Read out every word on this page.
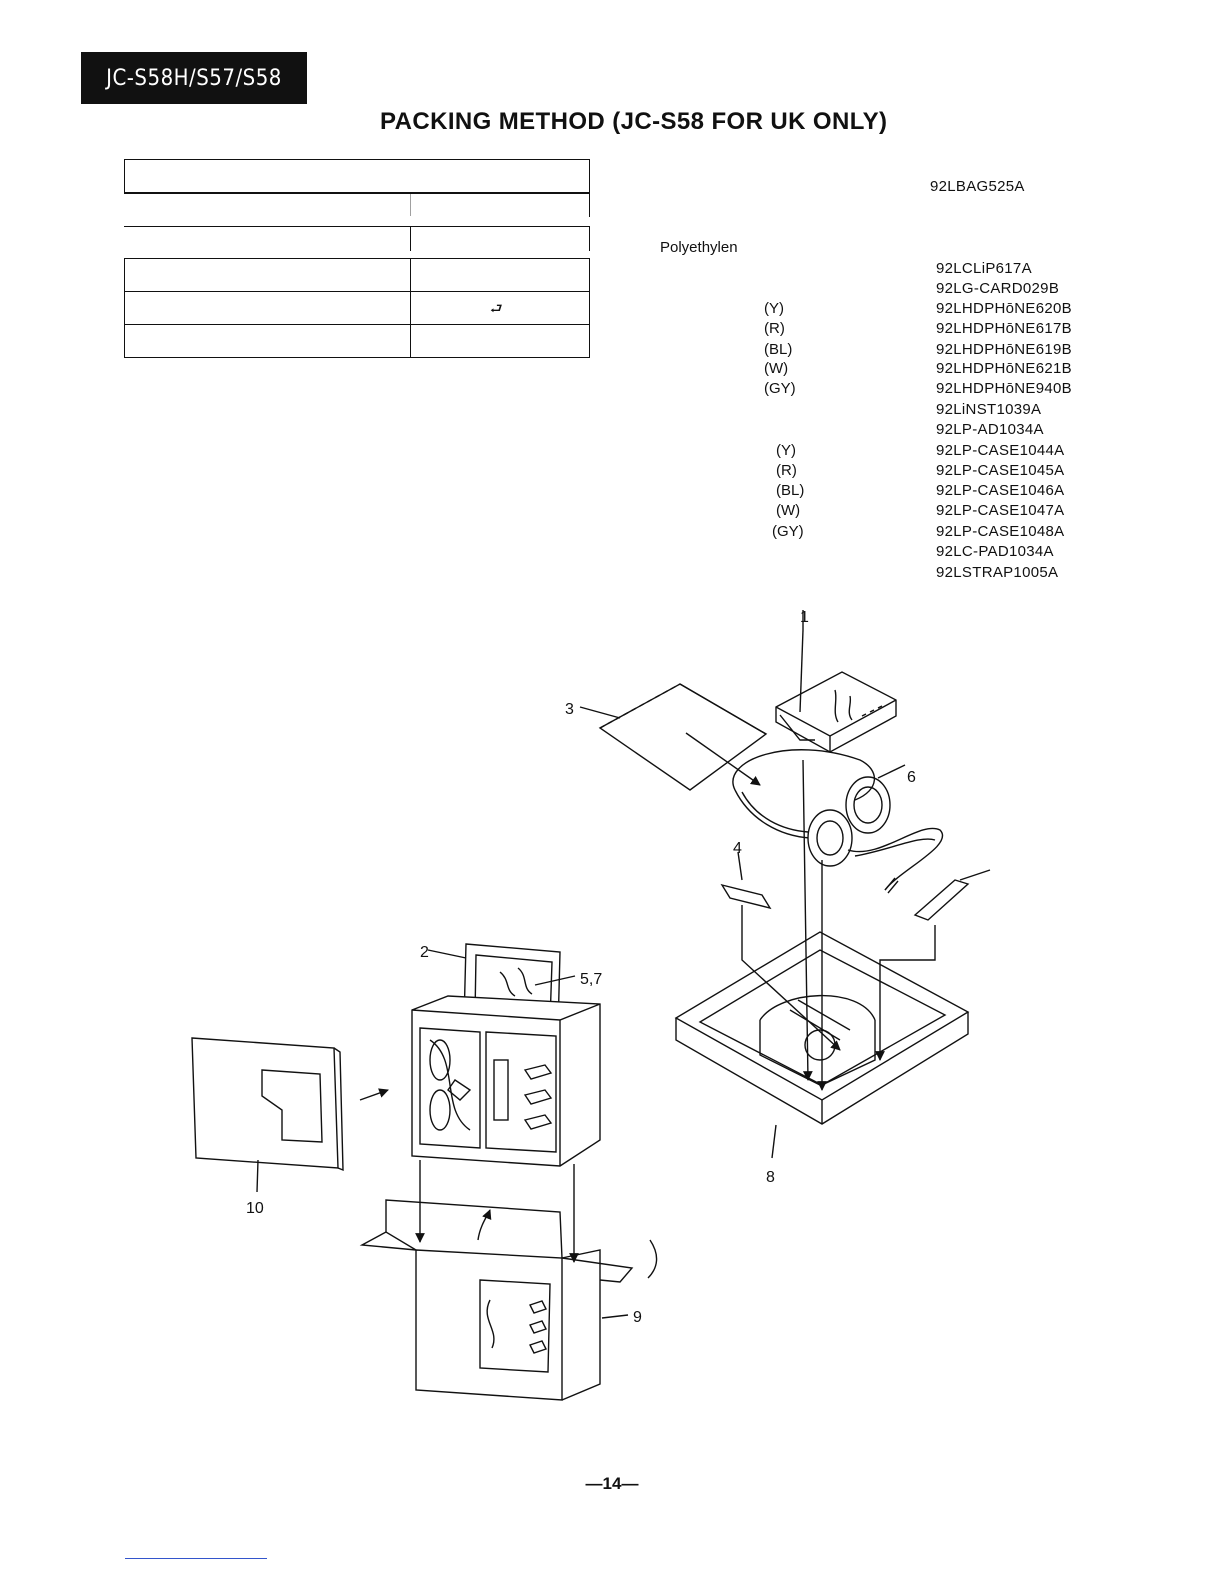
JC-S58H/S57/S58
PACKING METHOD (JC-S58 FOR UK ONLY)
⮐
Polyethylen
92LBAG525A
92LCLiP617A
92LG-CARD029B
(Y)	92LHDPHōNE620B
(R)	92LHDPHōNE617B
(BL)	92LHDPHōNE619B
(W)	92LHDPHōNE621B
(GY)	92LHDPHōNE940B
92LiNST1039A
92LP-AD1034A
(Y)	92LP-CASE1044A
(R)	92LP-CASE1045A
(BL)	92LP-CASE1046A
(W)	92LP-CASE1047A
(GY)	92LP-CASE1048A
92LC-PAD1034A
92LSTRAP1005A
1
2
3
4
5,7
6
8
9
10
—14—
